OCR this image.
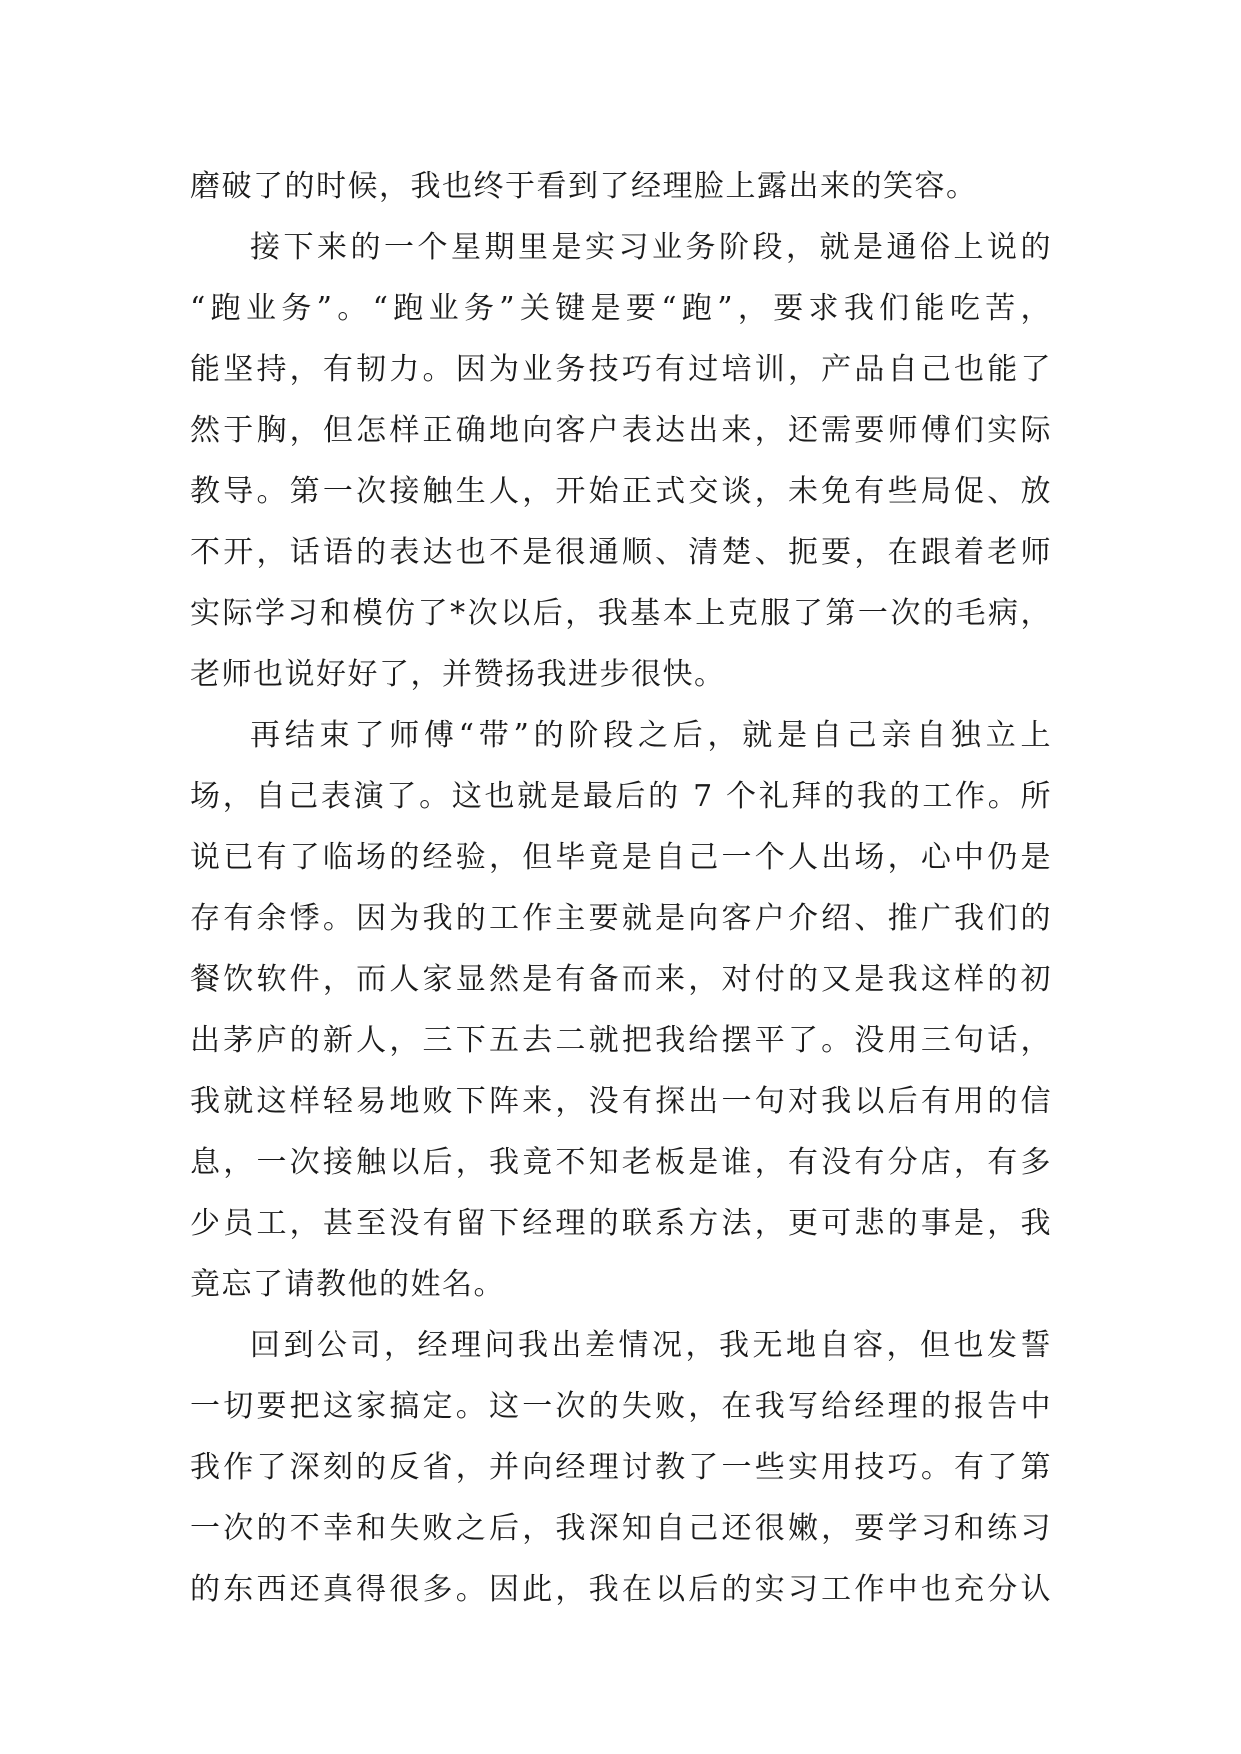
磨破了的时候，我也终于看到了经理脸上露出来的笑容。
接下来的一个星期里是实习业务阶段，就是通俗上说的
“跑业务”。“跑业务”关键是要“跑”，要求我们能吃苦，
能坚持，有韧力。因为业务技巧有过培训，产品自己也能了
然于胸，但怎样正确地向客户表达出来，还需要师傅们实际
教导。第一次接触生人，开始正式交谈，未免有些局促、放
不开，话语的表达也不是很通顺、清楚、扼要，在跟着老师
实际学习和模仿了*次以后，我基本上克服了第一次的毛病，
老师也说好好了，并赞扬我进步很快。
再结束了师傅“带”的阶段之后，就是自己亲自独立上
场，自己表演了。这也就是最后的 7 个礼拜的我的工作。所
说已有了临场的经验，但毕竟是自己一个人出场，心中仍是
存有余悸。因为我的工作主要就是向客户介绍、推广我们的
餐饮软件，而人家显然是有备而来，对付的又是我这样的初
出茅庐的新人，三下五去二就把我给摆平了。没用三句话，
我就这样轻易地败下阵来，没有探出一句对我以后有用的信
息，一次接触以后，我竟不知老板是谁，有没有分店，有多
少员工，甚至没有留下经理的联系方法，更可悲的事是，我
竟忘了请教他的姓名。
回到公司，经理问我出差情况，我无地自容，但也发誓
一切要把这家搞定。这一次的失败，在我写给经理的报告中
我作了深刻的反省，并向经理讨教了一些实用技巧。有了第
一次的不幸和失败之后，我深知自己还很嫩，要学习和练习
的东西还真得很多。因此，我在以后的实习工作中也充分认
